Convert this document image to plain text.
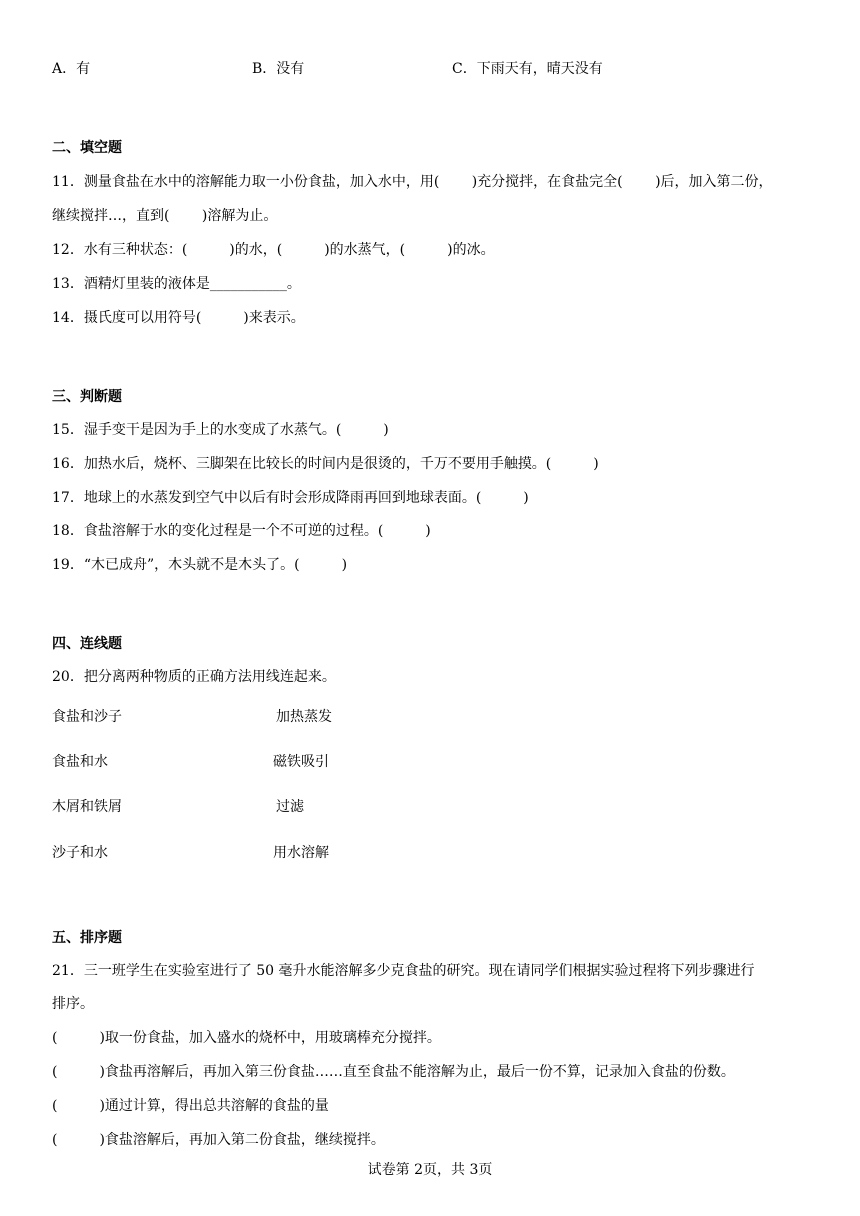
A．有	B．没有	C．下雨天有，晴天没有
二、填空题
11．测量食盐在水中的溶解能力取一小份食盐，加入水中，用(　　 )充分搅拌，在食盐完全(　　 )后，加入第二份，
继续搅拌…，直到(　　 )溶解为止。
12．水有三种状态：(　　　)的水，(　　　)的水蒸气，(　　　)的冰。
13．酒精灯里装的液体是___________。
14．摄氏度可以用符号(　　　)来表示。
三、判断题
15．湿手变干是因为手上的水变成了水蒸气。(　　　)
16．加热水后，烧杯、三脚架在比较长的时间内是很烫的，千万不要用手触摸。(　　　)
17．地球上的水蒸发到空气中以后有时会形成降雨再回到地球表面。(　　　)
18．食盐溶解于水的变化过程是一个不可逆的过程。(　　　)
19．“木已成舟”，木头就不是木头了。(　　　)
四、连线题
20．把分离两种物质的正确方法用线连起来。
食盐和沙子	加热蒸发
食盐和水	磁铁吸引
木屑和铁屑	过滤
沙子和水	用水溶解
五、排序题
21．三一班学生在实验室进行了 50 毫升水能溶解多少克食盐的研究。现在请同学们根据实验过程将下列步骤进行
排序。
(　　　)取一份食盐，加入盛水的烧杯中，用玻璃棒充分搅拌。
(　　　)食盐再溶解后，再加入第三份食盐……直至食盐不能溶解为止，最后一份不算，记录加入食盐的份数。
(　　　)通过计算，得出总共溶解的食盐的量
(　　　)食盐溶解后，再加入第二份食盐，继续搅拌。
试卷第 2页，共 3页
